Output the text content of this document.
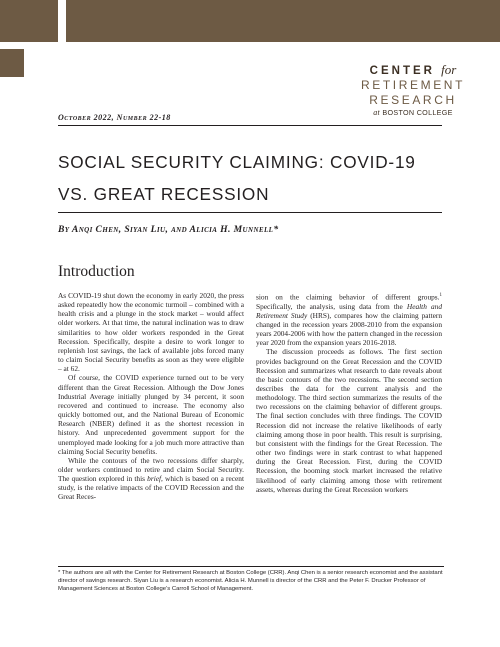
CENTER for
RETIREMENT
RESEARCH
at BOSTON COLLEGE
October 2022, Number 22-18
SOCIAL SECURITY CLAIMING: COVID-19
VS. GREAT RECESSION
By Anqi Chen, Siyan Liu, and Alicia H. Munnell*
Introduction

As COVID-19 shut down the economy in early 2020, the press asked repeatedly how the economic turmoil – combined with a health crisis and a plunge in the stock market – would affect older workers. At that time, the natural inclination was to draw similarities to how older workers responded in the Great Recession. Specifically, despite a desire to work longer to replenish lost savings, the lack of available jobs forced many to claim Social Security benefits as soon as they were eligible – at 62.

Of course, the COVID experience turned out to be very different than the Great Recession. Although the Dow Jones Industrial Average initially plunged by 34 percent, it soon recovered and continued to increase. The economy also quickly bottomed out, and the National Bureau of Economic Research (NBER) defined it as the shortest recession in history. And unprecedented government support for the unemployed made looking for a job much more attractive than claiming Social Security benefits.

While the contours of the two recessions differ sharply, older workers continued to retire and claim Social Security. The question explored in this brief, which is based on a recent study, is the relative impacts of the COVID Recession and the Great Reces-

sion on the claiming behavior of different groups.$^1$ Specifically, the analysis, using data from the Health and Retirement Study (HRS), compares how the claiming pattern changed in the recession years 2008-2010 from the expansion years 2004-2006 with how the pattern changed in the recession year 2020 from the expansion years 2016-2018.

The discussion proceeds as follows. The first section provides background on the Great Recession and the COVID Recession and summarizes what research to date reveals about the basic contours of the two recessions. The second section describes the data for the current analysis and the methodology. The third section summarizes the results of the two recessions on the claiming behavior of different groups. The final section concludes with three findings. The COVID Recession did not increase the relative likelihoods of early claiming among those in poor health. This result is surprising, but consistent with the findings for the Great Recession. The other two findings were in stark contrast to what happened during the Great Recession. First, during the COVID Recession, the booming stock market increased the relative likelihood of early claiming among those with retirement assets, whereas during the Great Recession workers

* The authors are all with the Center for Retirement Research at Boston College (CRR). Anqi Chen is a senior research economist and the assistant director of savings research. Siyan Liu is a research economist. Alicia H. Munnell is director of the CRR and the Peter F. Drucker Professor of Management Sciences at Boston College’s Carroll School of Management.
